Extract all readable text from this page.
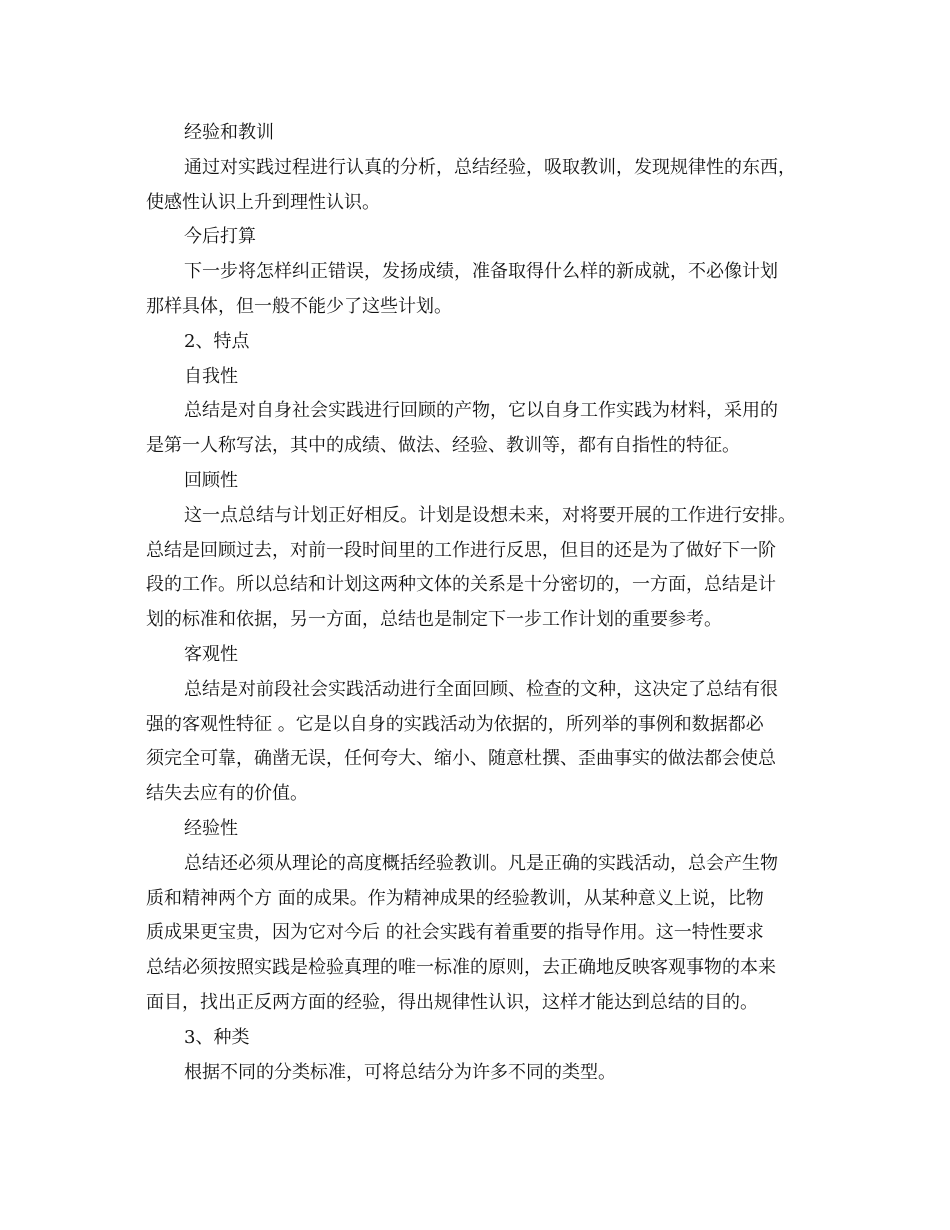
经验和教训
通过对实践过程进行认真的分析，总结经验，吸取教训，发现规律性的东西，
使感性认识上升到理性认识。
今后打算
下一步将怎样纠正错误，发扬成绩，准备取得什么样的新成就，不必像计划
那样具体，但一般不能少了这些计划。
2、特点
自我性
总结是对自身社会实践进行回顾的产物，它以自身工作实践为材料，采用的
是第一人称写法，其中的成绩、做法、经验、教训等，都有自指性的特征。
回顾性
这一点总结与计划正好相反。计划是设想未来，对将要开展的工作进行安排。
总结是回顾过去，对前一段时间里的工作进行反思，但目的还是为了做好下一阶
段的工作。所以总结和计划这两种文体的关系是十分密切的，一方面，总结是计
划的标准和依据，另一方面，总结也是制定下一步工作计划的重要参考。
客观性
总结是对前段社会实践活动进行全面回顾、检查的文种，这决定了总结有很
强的客观性特征 。它是以自身的实践活动为依据的，所列举的事例和数据都必
须完全可靠，确凿无误，任何夸大、缩小、随意杜撰、歪曲事实的做法都会使总
结失去应有的价值。
经验性
总结还必须从理论的高度概括经验教训。凡是正确的实践活动，总会产生物
质和精神两个方 面的成果。作为精神成果的经验教训，从某种意义上说，比物
质成果更宝贵，因为它对今后 的社会实践有着重要的指导作用。这一特性要求
总结必须按照实践是检验真理的唯一标准的原则，去正确地反映客观事物的本来
面目，找出正反两方面的经验，得出规律性认识，这样才能达到总结的目的。
3、种类
根据不同的分类标准，可将总结分为许多不同的类型。
